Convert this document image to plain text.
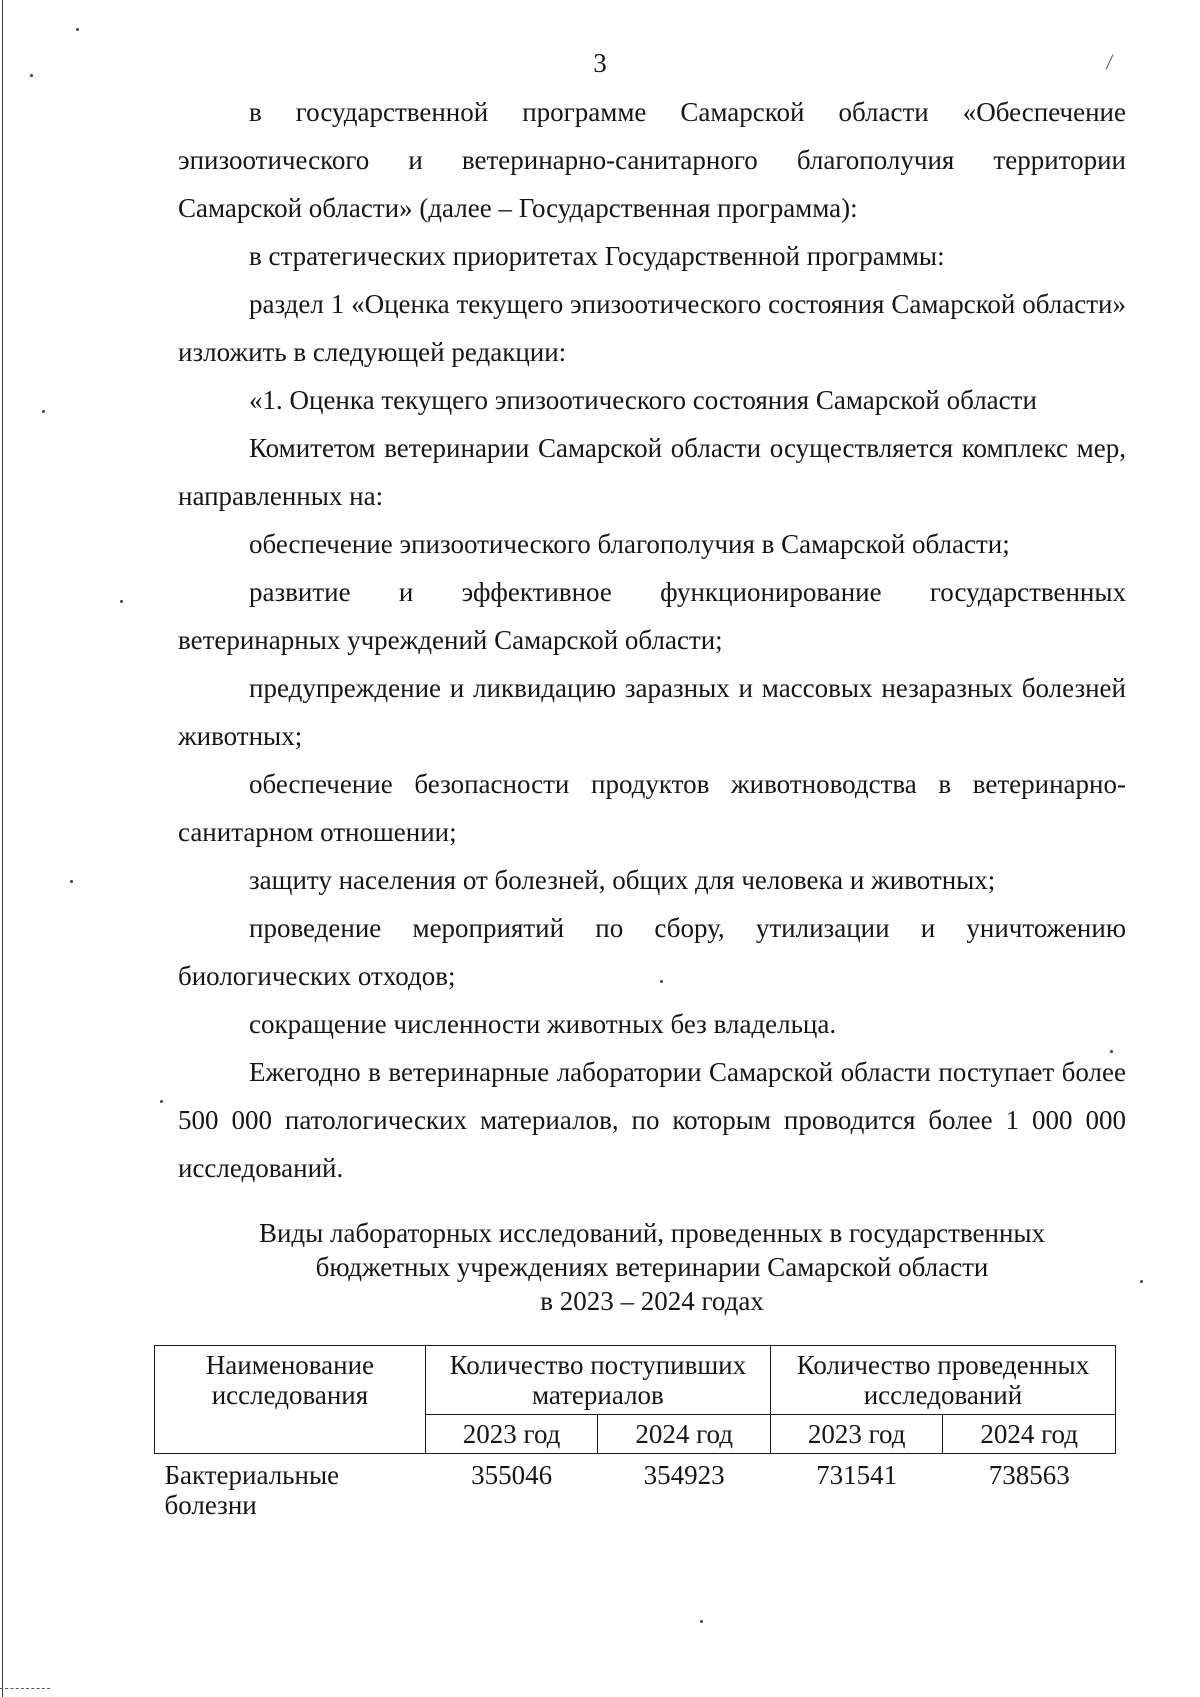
3

в государственной программе Самарской области «Обеспечение эпизоотического и ветеринарно-санитарного благополучия территории Самарской области» (далее – Государственная программа):

в стратегических приоритетах Государственной программы:

раздел 1 «Оценка текущего эпизоотического состояния Самарской области» изложить в следующей редакции:

«1. Оценка текущего эпизоотического состояния Самарской области

Комитетом ветеринарии Самарской области осуществляется комплекс мер, направленных на:

обеспечение эпизоотического благополучия в Самарской области;

развитие и эффективное функционирование государственных ветеринарных учреждений Самарской области;

предупреждение и ликвидацию заразных и массовых незаразных болезней животных;

обеспечение безопасности продуктов животноводства в ветеринарно-санитарном отношении;

защиту населения от болезней, общих для человека и животных;

проведение мероприятий по сбору, утилизации и уничтожению биологических отходов;

сокращение численности животных без владельца.

Ежегодно в ветеринарные лаборатории Самарской области поступает более 500 000 патологических материалов, по которым проводится более 1 000 000 исследований.

Виды лабораторных исследований, проведенных в государственных
бюджетных учреждениях ветеринарии Самарской области
в 2023 – 2024 годах
Наименование исследования	Количество поступивших материалов		Количество проведенных исследований	
	2023 год	2024 год	2023 год	2024 год
Бактериальные болезни	355046	354923	731541	738563
